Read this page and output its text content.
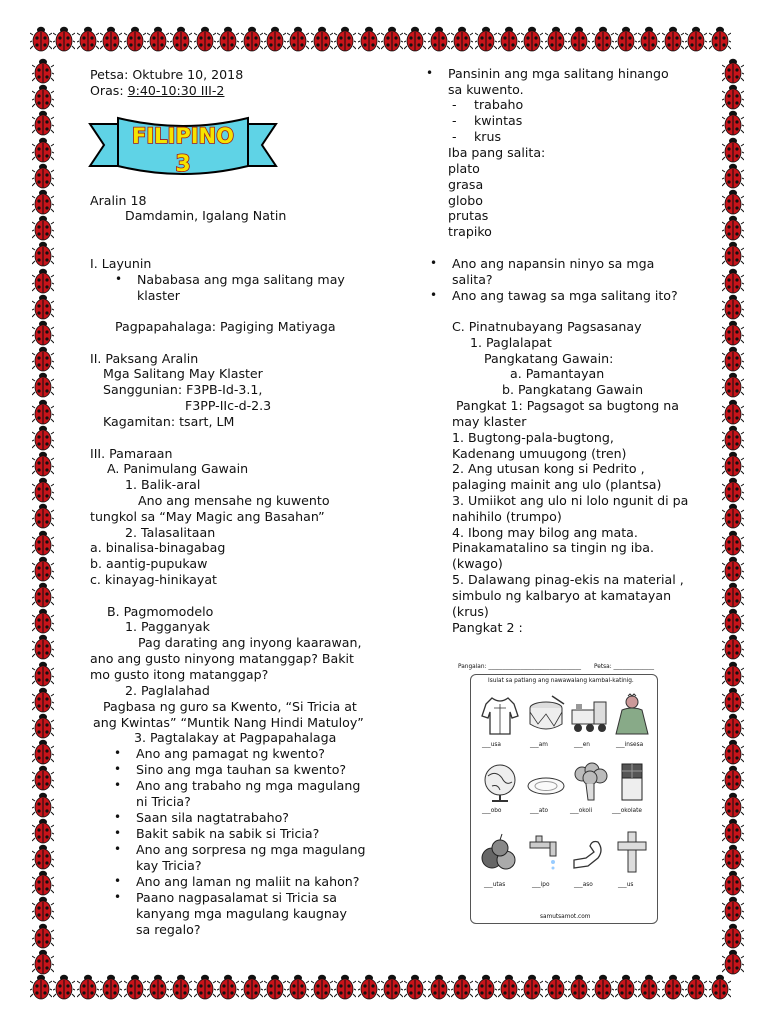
Petsa: Oktubre 10, 2018
Oras: 9:40-10:30 III-2
FILIPINO
3
Aralin 18
Damdamin, Igalang Natin
I. Layunin
• Nababasa ang mga salitang may
klaster
Pagpapahalaga: Pagiging Matiyaga
II. Paksang Aralin
Mga Salitang May Klaster
Sanggunian: F3PB-Id-3.1,
F3PP-IIc-d-2.3
Kagamitan: tsart, LM
III. Pamaraan
A. Panimulang Gawain
1. Balik-aral
Ano ang mensahe ng kuwento
tungkol sa “May Magic ang Basahan”
2. Talasalitaan
a. binalisa-binagabag
b. aantig-pupukaw
c. kinayag-hinikayat
B. Pagmomodelo
1. Pagganyak
Pag darating ang inyong kaarawan,
ano ang gusto ninyong matanggap? Bakit
mo gusto itong matanggap?
2. Paglalahad
Pagbasa ng guro sa Kwento, “Si Tricia at
ang Kwintas” “Muntik Nang Hindi Matuloy”
3. Pagtalakay at Pagpapahalaga
• Ano ang pamagat ng kwento?
• Sino ang mga tauhan sa kwento?
• Ano ang trabaho ng mga magulang
ni Tricia?
• Saan sila nagtatrabaho?
• Bakit sabik na sabik si Tricia?
• Ano ang sorpresa ng mga magulang
kay Tricia?
• Ano ang laman ng maliit na kahon?
• Paano nagpasalamat si Tricia sa
kanyang mga magulang kaugnay
sa regalo?
• Pansinin ang mga salitang hinango
sa kuwento.
- trabaho
- kwintas
- krus
Iba pang salita:
plato
grasa
globo
prutas
trapiko
• Ano ang napansin ninyo sa mga
salita?
• Ano ang tawag sa mga salitang ito?
C. Pinatnubayang Pagsasanay
1. Paglalapat
Pangkatang Gawain:
a. Pamantayan
b. Pangkatang Gawain
Pangkat 1: Pagsagot sa bugtong na
may klaster
1. Bugtong-pala-bugtong,
Kadenang umuugong (tren)
2. Ang utusan kong si Pedrito ,
palaging mainit ang ulo (plantsa)
3. Umiikot ang ulo ni lolo ngunit di pa
nahihilo (trumpo)
4. Ibong may bilog ang mata.
Pinakamatalino sa tingin ng iba.
(kwago)
5. Dalawang pinag-ekis na material ,
simbulo ng kalbaryo at kamatayan
(krus)
Pangkat 2 :
Pangalan: ________________________________ Petsa: ______________
Isulat sa patlang ang nawawalang kambal-katinig.
___usa	___am	___en	___insesa
___obo	___ato	___okoli	___okolate
___utas	___ipo	___aso	___us
samutsamot.com
